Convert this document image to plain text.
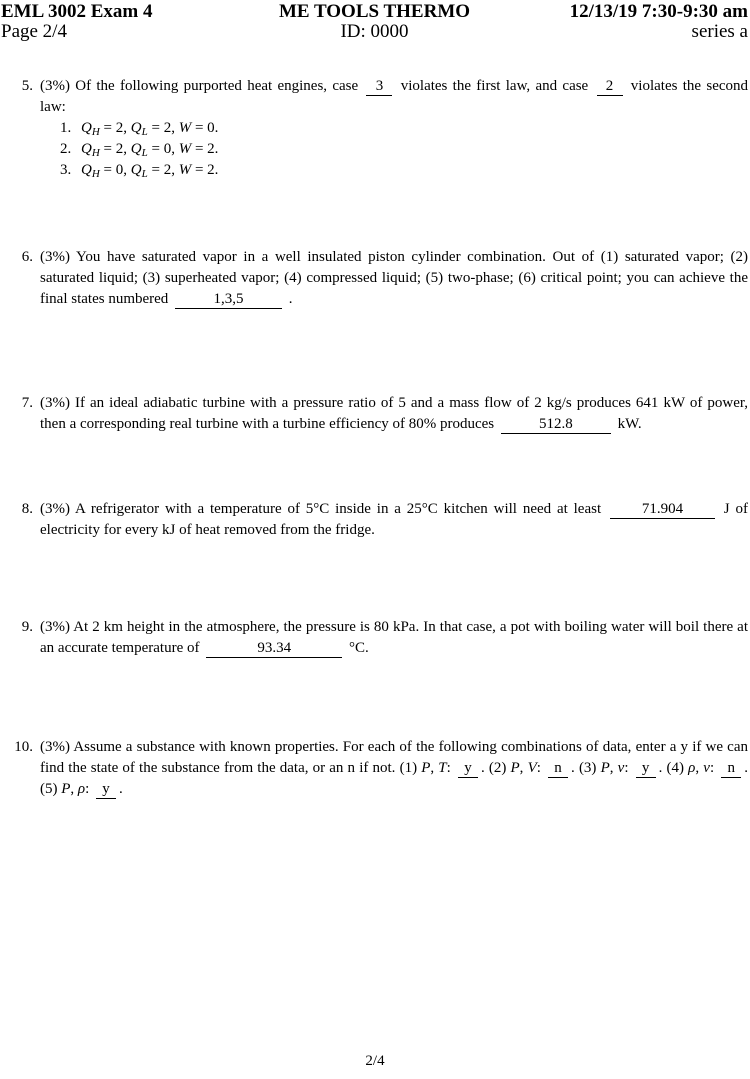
EML 3002 Exam 4
Page 2/4
ME TOOLS THERMO
ID: 0000
12/13/19 7:30-9:30 am
series a
5. (3%) Of the following purported heat engines, case 3 violates the first law, and case 2 violates the second law:
1. $Q_H = 2$, $Q_L = 2$, W = 0.
2. $Q_H = 2$, $Q_L = 0$, W = 2.
3. $Q_H = 0$, $Q_L = 2$, W = 2.
6. (3%) You have saturated vapor in a well insulated piston cylinder combination. Out of (1) saturated vapor; (2) saturated liquid; (3) superheated vapor; (4) compressed liquid; (5) two-phase; (6) critical point; you can achieve the final states numbered	1,3,5	.
7. (3%) If an ideal adiabatic turbine with a pressure ratio of 5 and a mass flow of 2 kg/s produces 641 kW of power, then a corresponding real turbine with a turbine efficiency of 80% produces	512.8	kW.
8. (3%) A refrigerator with a temperature of 5°C inside in a 25°C kitchen will need at least 71.904 J of electricity for every kJ of heat removed from the fridge.
9. (3%) At 2 km height in the atmosphere, the pressure is 80 kPa. In that case, a pot with boiling water will boil there at an accurate temperature of	93.34	°C.
10. (3%) Assume a substance with known properties. For each of the following combinations of data, enter a y if we can find the state of the substance from the data, or an n if not. (1) P, T: y . (2) P, V: n . (3) P, v: y . (4) ρ, v: n . (5) P, ρ: y .
2/4
